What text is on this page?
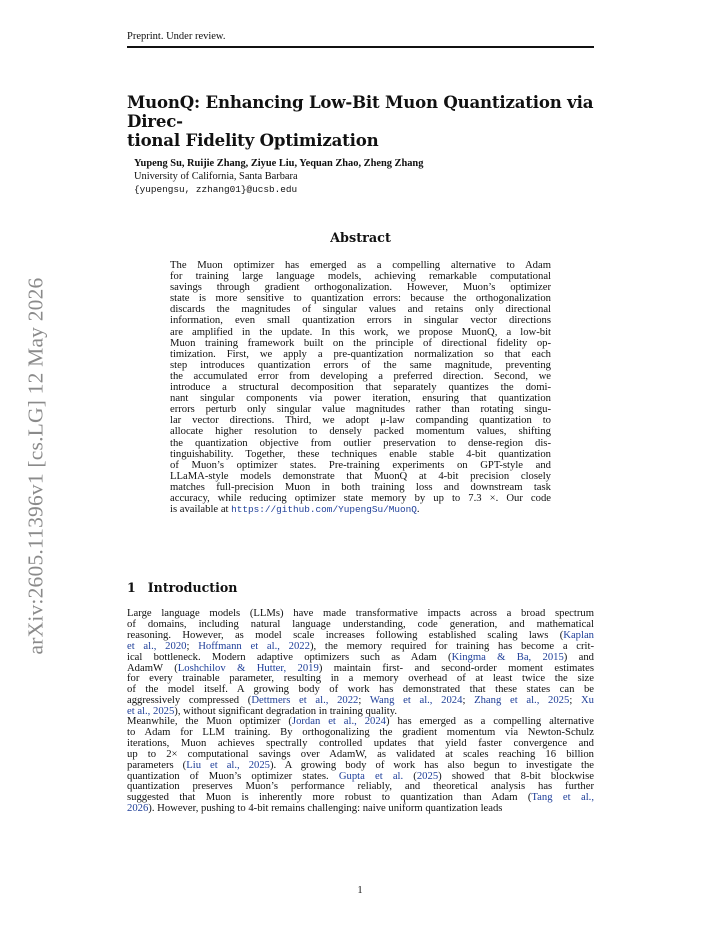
Preprint. Under review.
arXiv:2605.11396v1 [cs.LG] 12 May 2026
MuonQ: Enhancing Low-Bit Muon Quantization via Direc-
tional Fidelity Optimization
Yupeng Su, Ruijie Zhang, Ziyue Liu, Yequan Zhao, Zheng Zhang
University of California, Santa Barbara
{yupengsu, zzhang01}@ucsb.edu
Abstract
The Muon optimizer has emerged as a compelling alternative to Adam
for training large language models, achieving remarkable computational
savings through gradient orthogonalization. However, Muon’s optimizer
state is more sensitive to quantization errors: because the orthogonalization
discards the magnitudes of singular values and retains only directional
information, even small quantization errors in singular vector directions
are amplified in the update. In this work, we propose MuonQ, a low-bit
Muon training framework built on the principle of directional fidelity op-
timization. First, we apply a pre-quantization normalization so that each
step introduces quantization errors of the same magnitude, preventing
the accumulated error from developing a preferred direction. Second, we
introduce a structural decomposition that separately quantizes the domi-
nant singular components via power iteration, ensuring that quantization
errors perturb only singular value magnitudes rather than rotating singu-
lar vector directions. Third, we adopt μ-law companding quantization to
allocate higher resolution to densely packed momentum values, shifting
the quantization objective from outlier preservation to dense-region dis-
tinguishability. Together, these techniques enable stable 4-bit quantization
of Muon’s optimizer states. Pre-training experiments on GPT-style and
LLaMA-style models demonstrate that MuonQ at 4-bit precision closely
matches full-precision Muon in both training loss and downstream task
accuracy, while reducing optimizer state memory by up to 7.3 ×. Our code
is available at https://github.com/YupengSu/MuonQ.
1 Introduction
Large language models (LLMs) have made transformative impacts across a broad spectrum
of domains, including natural language understanding, code generation, and mathematical
reasoning. However, as model scale increases following established scaling laws (Kaplan
et al., 2020; Hoffmann et al., 2022), the memory required for training has become a crit-
ical bottleneck. Modern adaptive optimizers such as Adam (Kingma & Ba, 2015) and
AdamW (Loshchilov & Hutter, 2019) maintain first- and second-order moment estimates
for every trainable parameter, resulting in a memory overhead of at least twice the size
of the model itself. A growing body of work has demonstrated that these states can be
aggressively compressed (Dettmers et al., 2022; Wang et al., 2024; Zhang et al., 2025; Xu
et al., 2025), without significant degradation in training quality.
Meanwhile, the Muon optimizer (Jordan et al., 2024) has emerged as a compelling alternative
to Adam for LLM training. By orthogonalizing the gradient momentum via Newton-Schulz
iterations, Muon achieves spectrally controlled updates that yield faster convergence and
up to 2× computational savings over AdamW, as validated at scales reaching 16 billion
parameters (Liu et al., 2025). A growing body of work has also begun to investigate the
quantization of Muon’s optimizer states. Gupta et al. (2025) showed that 8-bit blockwise
quantization preserves Muon’s performance reliably, and theoretical analysis has further
suggested that Muon is inherently more robust to quantization than Adam (Tang et al.,
2026). However, pushing to 4-bit remains challenging: naive uniform quantization leads
1
